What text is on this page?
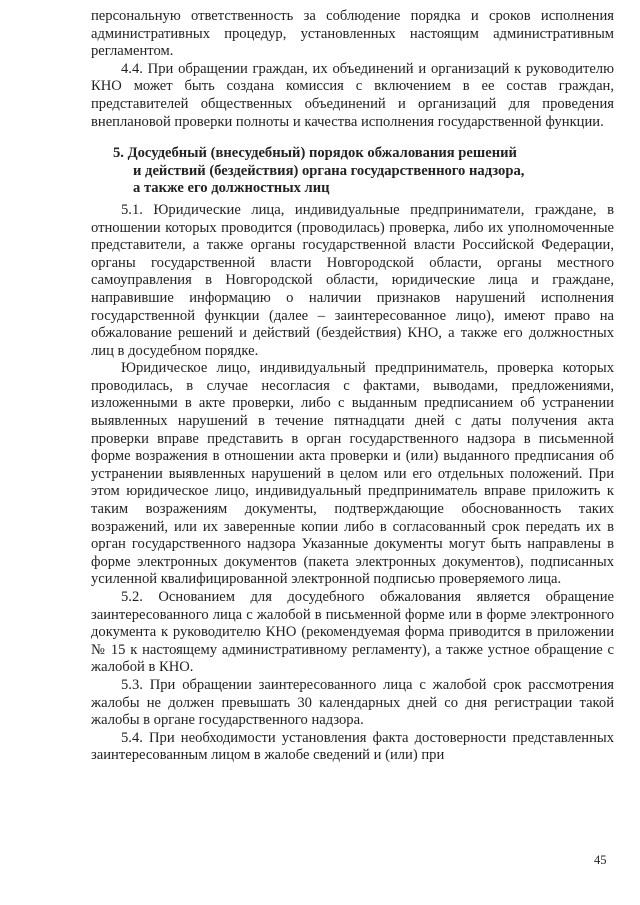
персональную ответственность за соблюдение порядка и сроков исполнения административных процедур, установленных настоящим административным регламентом.

4.4. При обращении граждан, их объединений и организаций к руководителю КНО может быть создана комиссия с включением в ее состав граждан, представителей общественных объединений и организаций для проведения внеплановой проверки полноты и качества исполнения государственной функции.

5. Досудебный (внесудебный) порядок обжалования решений
и действий (бездействия) органа государственного надзора,
а также его должностных лиц

5.1. Юридические лица, индивидуальные предприниматели, граждане, в отношении которых проводится (проводилась) проверка, либо их уполномоченные представители, а также органы государственной власти Российской Федерации, органы государственной власти Новгородской области, органы местного самоуправления в Новгородской области, юридические лица и граждане, направившие информацию о наличии признаков нарушений исполнения государственной функции (далее – заинтересованное лицо), имеют право на обжалование решений и действий (бездействия) КНО, а также его должностных лиц в досудебном порядке.

Юридическое лицо, индивидуальный предприниматель, проверка которых проводилась, в случае несогласия с фактами, выводами, предложениями, изложенными в акте проверки, либо с выданным предписанием об устранении выявленных нарушений в течение пятнадцати дней с даты получения акта проверки вправе представить в орган государственного надзора в письменной форме возражения в отношении акта проверки и (или) выданного предписания об устранении выявленных нарушений в целом или его отдельных положений. При этом юридическое лицо, индивидуальный предприниматель вправе приложить к таким возражениям документы, подтверждающие обоснованность таких возражений, или их заверенные копии либо в согласованный срок передать их в орган государственного надзора Указанные документы могут быть направлены в форме электронных документов (пакета электронных документов), подписанных усиленной квалифицированной электронной подписью проверяемого лица.

5.2. Основанием для досудебного обжалования является обращение заинтересованного лица с жалобой в письменной форме или в форме электронного документа к руководителю КНО (рекомендуемая форма приводится в приложении № 15 к настоящему административному регламенту), а также устное обращение с жалобой в КНО.

5.3. При обращении заинтересованного лица с жалобой срок рассмотрения жалобы не должен превышать 30 календарных дней со дня регистрации такой жалобы в органе государственного надзора.

5.4. При необходимости установления факта достоверности представленных заинтересованным лицом в жалобе сведений и (или) при

45
